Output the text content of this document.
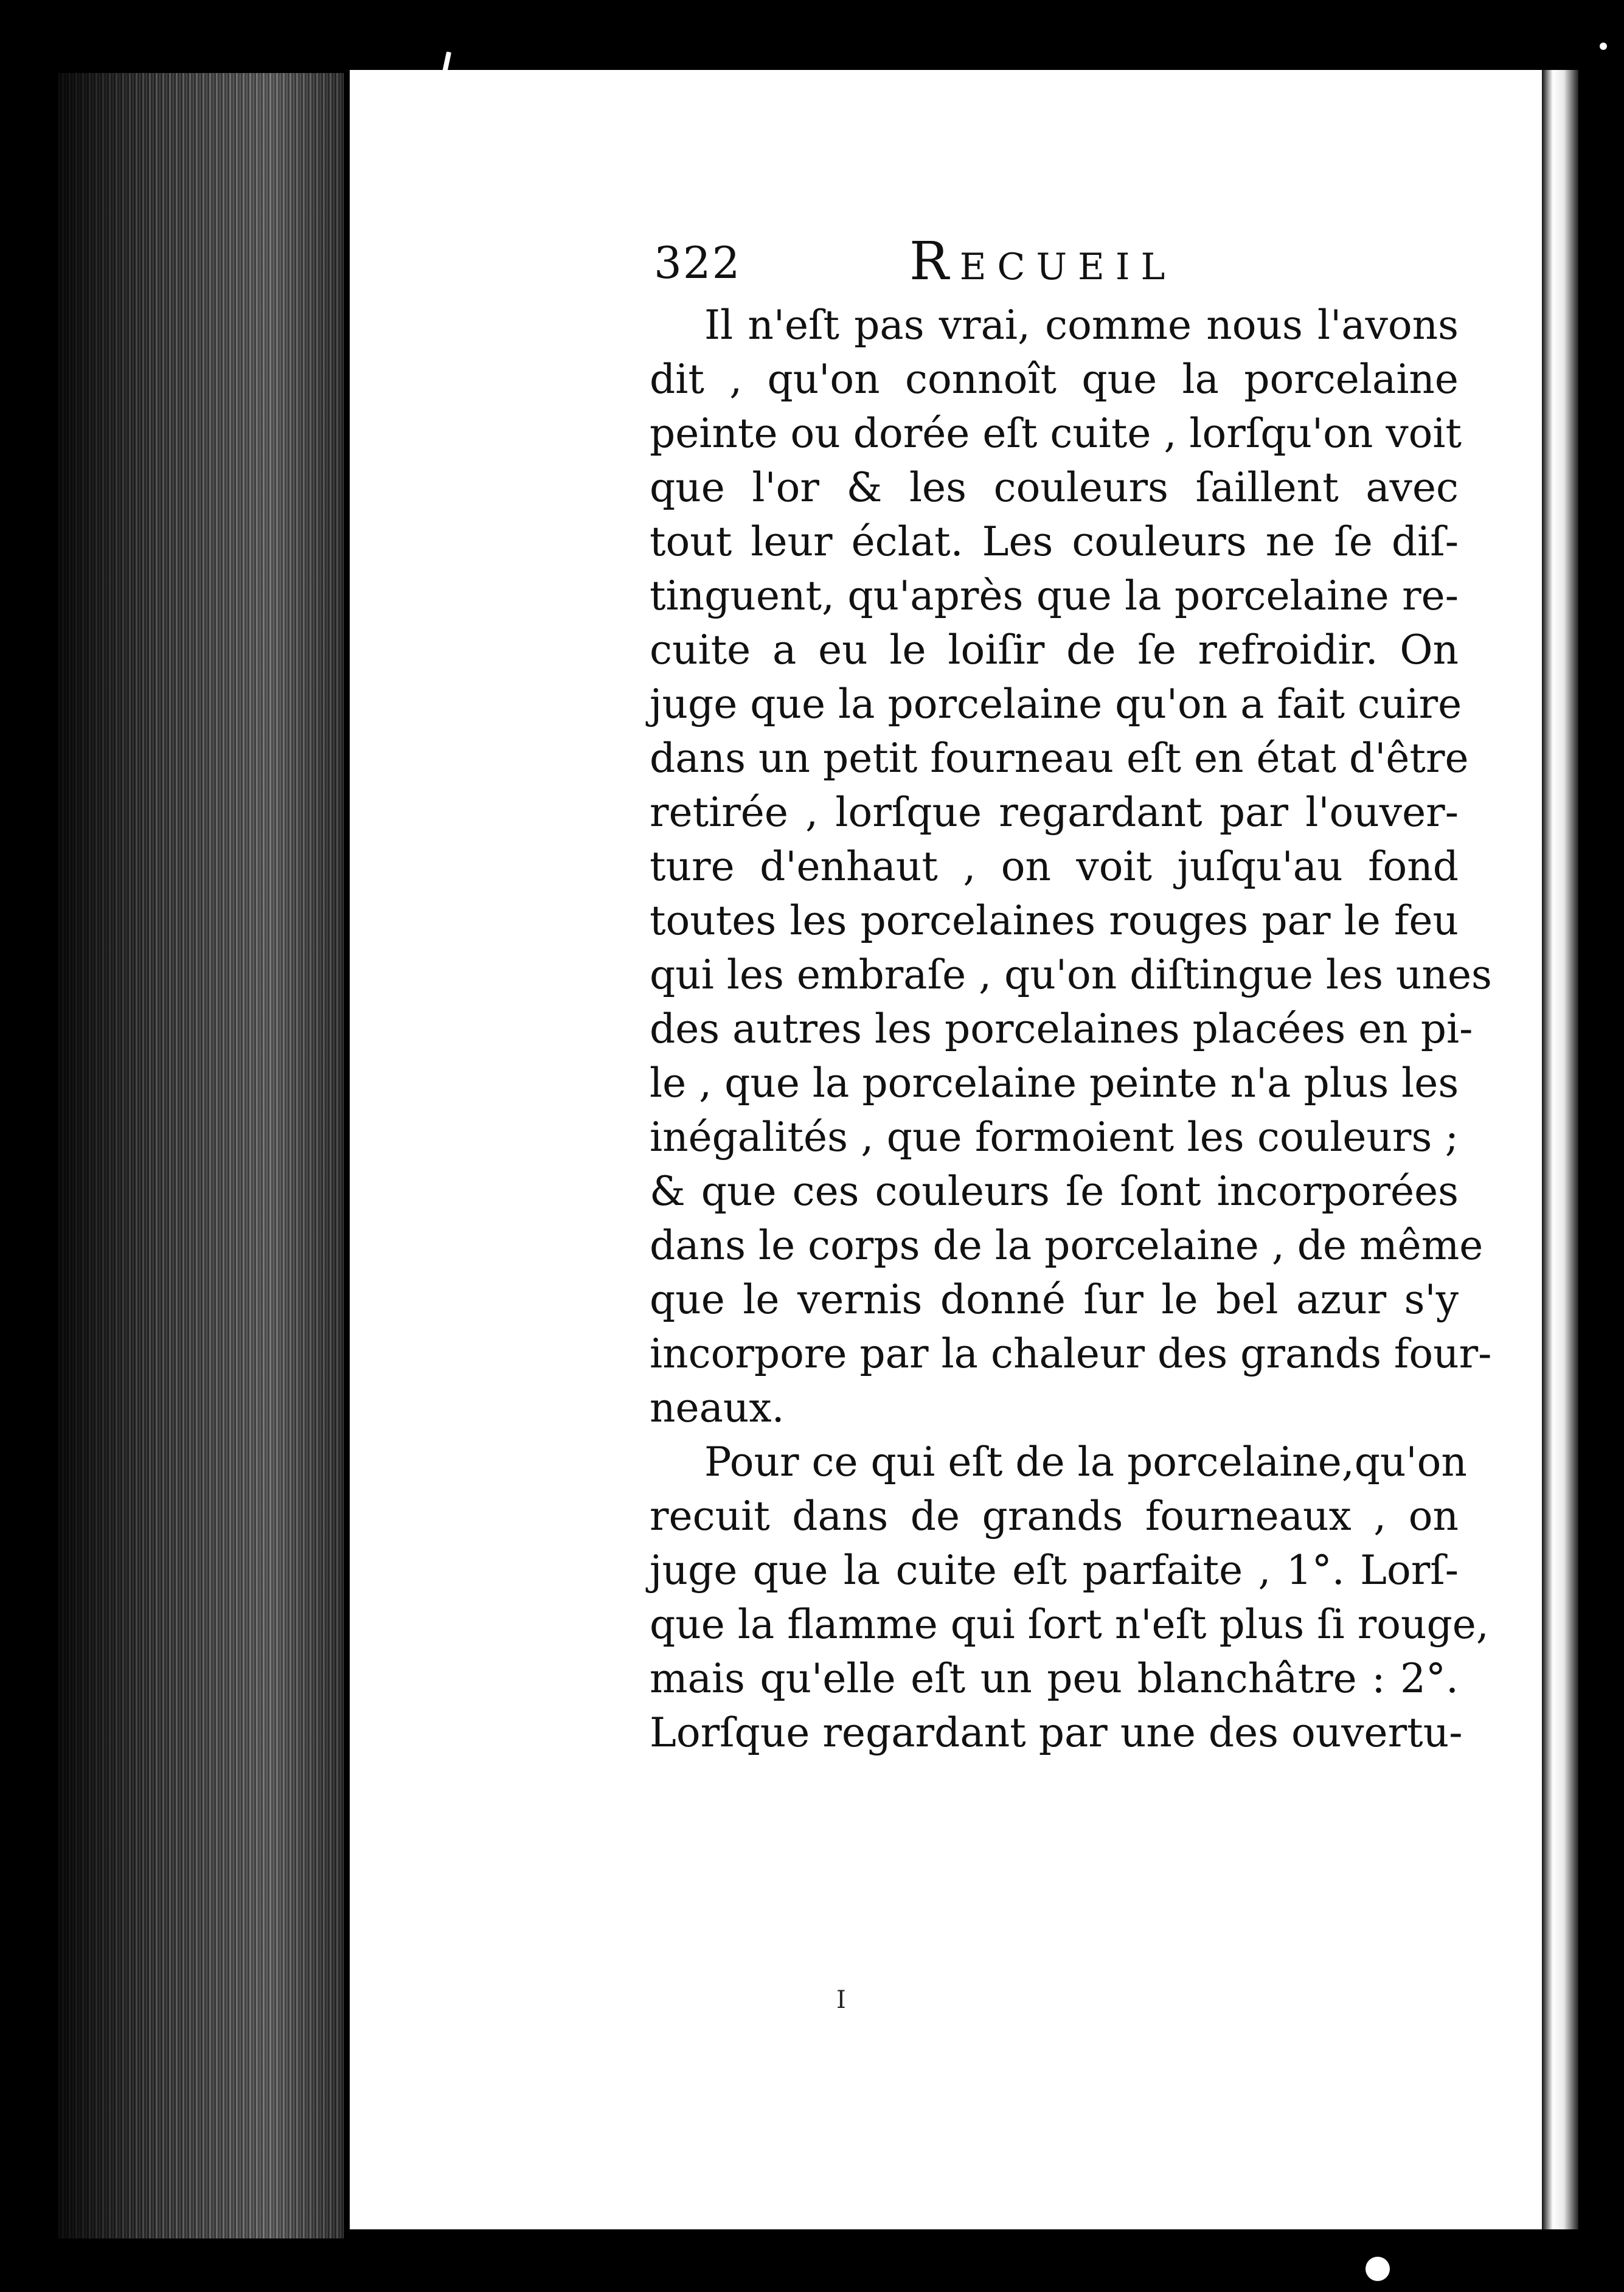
322	Recueil
Il n'eſt pas vrai, comme nous l'avons
dit , qu'on connoît que la porcelaine
peinte ou dorée eſt cuite , lorſqu'on voit
que l'or & les couleurs ſaillent avec
tout leur éclat. Les couleurs ne ſe diſ-
tinguent, qu'après que la porcelaine re-
cuite a eu le loiſir de ſe refroidir. On
juge que la porcelaine qu'on a fait cuire
dans un petit fourneau eſt en état d'être
retirée , lorſque regardant par l'ouver-
ture d'enhaut , on voit juſqu'au fond
toutes les porcelaines rouges par le feu
qui les embraſe , qu'on diſtingue les unes
des autres les porcelaines placées en pi-
le , que la porcelaine peinte n'a plus les
inégalités , que formoient les couleurs ;
& que ces couleurs ſe ſont incorporées
dans le corps de la porcelaine , de même
que le vernis donné ſur le bel azur s'y
incorpore par la chaleur des grands four-
neaux.
Pour ce qui eſt de la porcelaine,qu'on
recuit dans de grands fourneaux , on
juge que la cuite eſt parfaite , 1°. Lorſ-
que la flamme qui ſort n'eſt plus ſi rouge,
mais qu'elle eſt un peu blanchâtre : 2°.
Lorſque regardant par une des ouvertu-
I
